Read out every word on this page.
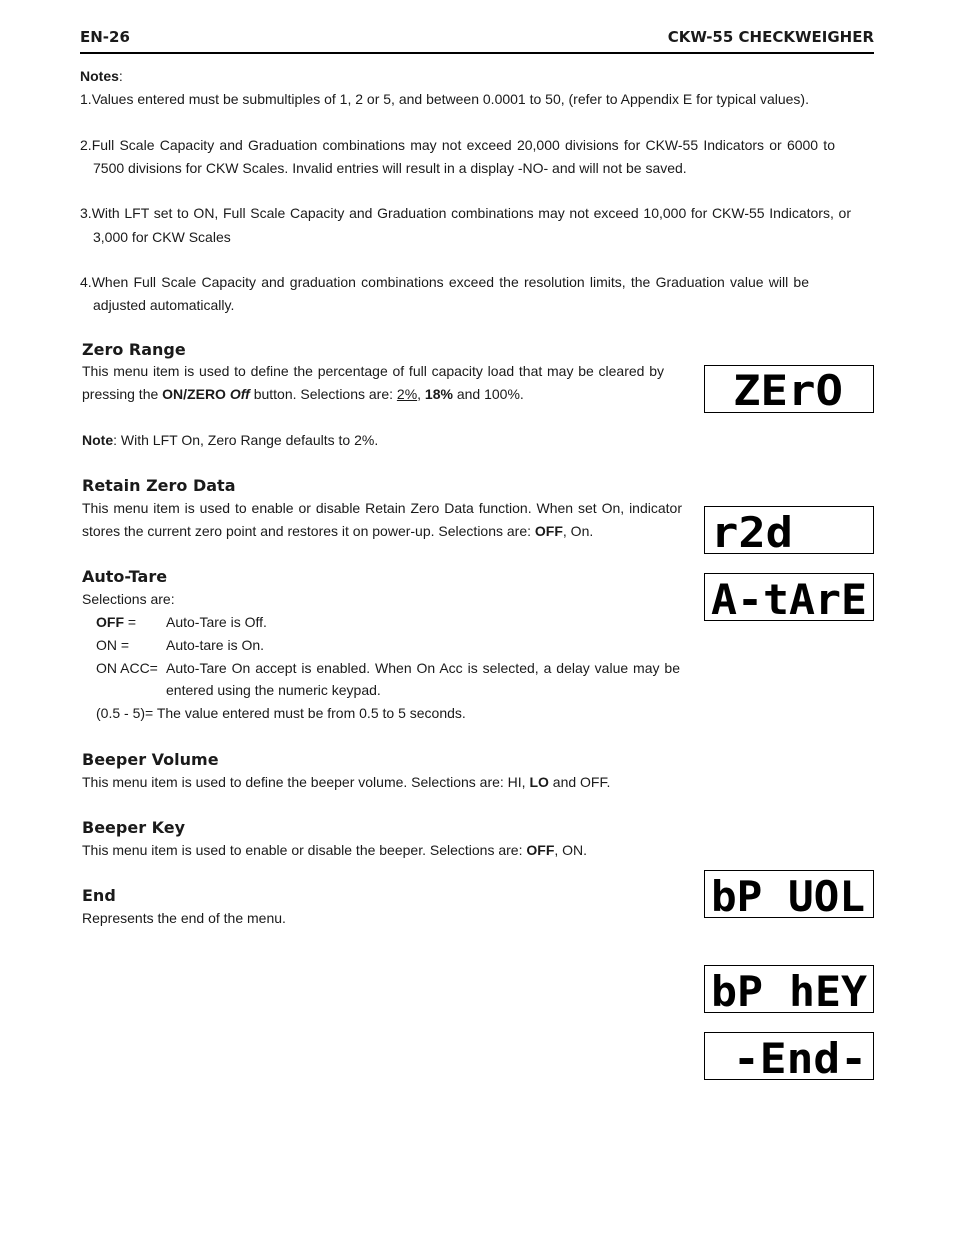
EN-26	CKW-55 CHECKWEIGHER
Notes:
1.Values entered must be submultiples of 1, 2 or 5, and between 0.0001 to 50, (refer to Appendix E for typical values).
2.Full Scale Capacity and Graduation combinations may not exceed 20,000 divisions for CKW-55 Indicators or 6000 to
7500 divisions for CKW Scales. Invalid entries will result in a display -NO- and will not be saved.
3.With LFT set to ON, Full Scale Capacity and Graduation combinations may not exceed 10,000 for CKW-55 Indicators, or
3,000 for CKW Scales
4.When Full Scale Capacity and graduation combinations exceed the resolution limits, the Graduation value will be
adjusted automatically.
Zero Range
This menu item is used to define the percentage of full capacity load that may be cleared by
pressing the ON/ZERO Off button. Selections are: 2%, 18% and 100%.
Note: With LFT On, Zero Range defaults to 2%.
Retain Zero Data
This menu item is used to enable or disable Retain Zero Data function. When set On, indicator
stores the current zero point and restores it on power-up. Selections are: OFF, On.
Auto-Tare
Selections are:
OFF = Auto-Tare is Off.
ON =	Auto-tare is On.
ON ACC= Auto-Tare On accept is enabled. When On Acc is selected, a delay value may be
entered using the numeric keypad.
(0.5 - 5)= The value entered must be from 0.5 to 5 seconds.
Beeper Volume
This menu item is used to define the beeper volume. Selections are: HI, LO and OFF.
Beeper Key
This menu item is used to enable or disable the beeper. Selections are: OFF, ON.
End
Represents the end of the menu.
ZErO
r2d
A-tArE
bP UOL
bP hEY
-End-
